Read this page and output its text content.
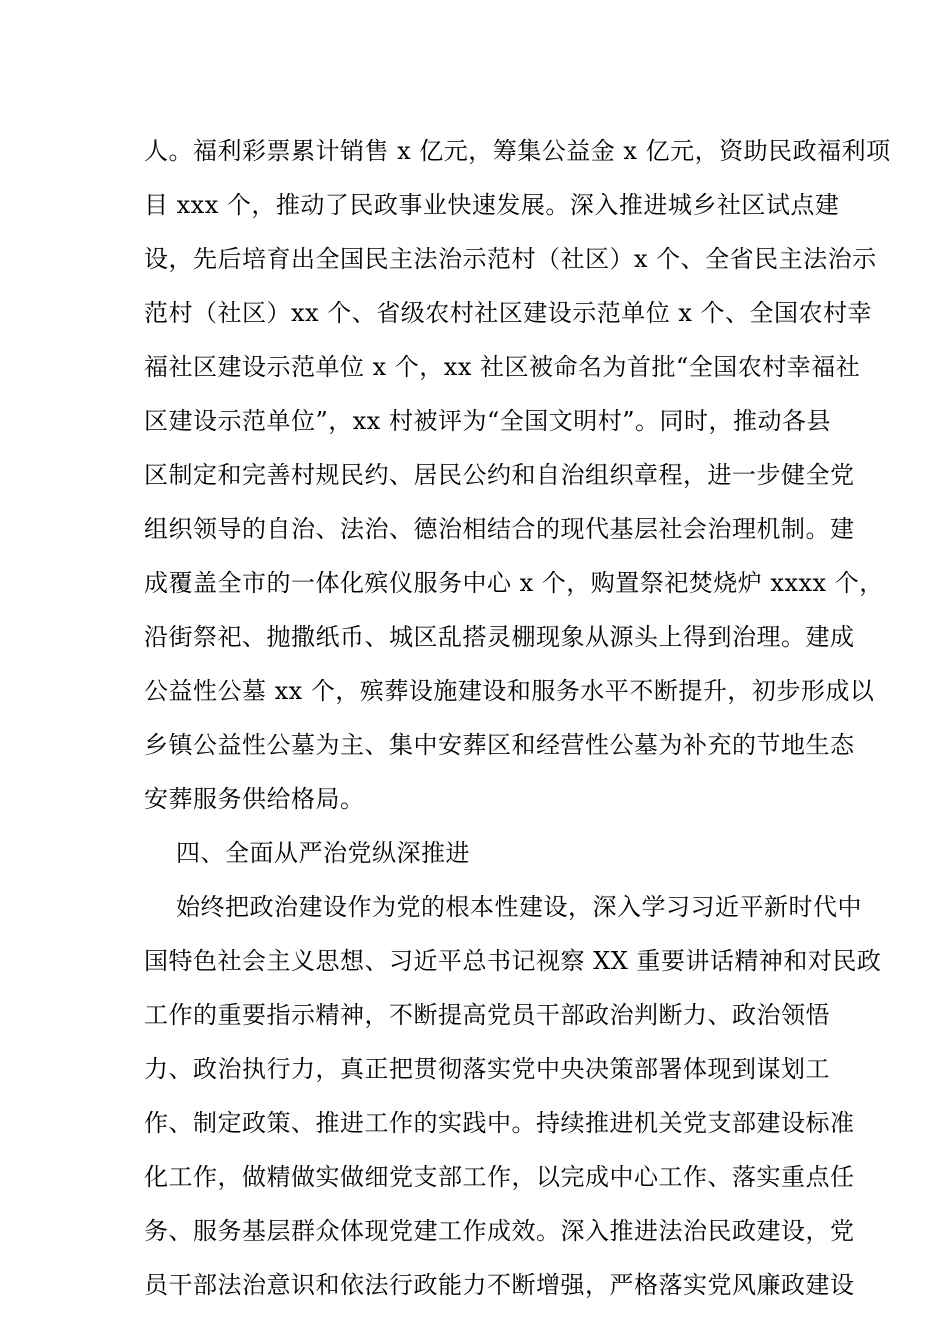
人。福利彩票累计销售 x 亿元，筹集公益金 x 亿元，资助民政福利项
目 xxx 个，推动了民政事业快速发展。深入推进城乡社区试点建
设，先后培育出全国民主法治示范村（社区）x 个、全省民主法治示
范村（社区）xx 个、省级农村社区建设示范单位 x 个、全国农村幸
福社区建设示范单位 x 个，xx 社区被命名为首批“全国农村幸福社
区建设示范单位”，xx 村被评为“全国文明村”。同时，推动各县
区制定和完善村规民约、居民公约和自治组织章程，进一步健全党
组织领导的自治、法治、德治相结合的现代基层社会治理机制。建
成覆盖全市的一体化殡仪服务中心 x 个，购置祭祀焚烧炉 xxxx 个，
沿街祭祀、抛撒纸币、城区乱搭灵棚现象从源头上得到治理。建成
公益性公墓 xx 个，殡葬设施建设和服务水平不断提升，初步形成以
乡镇公益性公墓为主、集中安葬区和经营性公墓为补充的节地生态
安葬服务供给格局。
四、全面从严治党纵深推进
始终把政治建设作为党的根本性建设，深入学习习近平新时代中
国特色社会主义思想、习近平总书记视察 XX 重要讲话精神和对民政
工作的重要指示精神，不断提高党员干部政治判断力、政治领悟
力、政治执行力，真正把贯彻落实党中央决策部署体现到谋划工
作、制定政策、推进工作的实践中。持续推进机关党支部建设标准
化工作，做精做实做细党支部工作，以完成中心工作、落实重点任
务、服务基层群众体现党建工作成效。深入推进法治民政建设，党
员干部法治意识和依法行政能力不断增强，严格落实党风廉政建设
